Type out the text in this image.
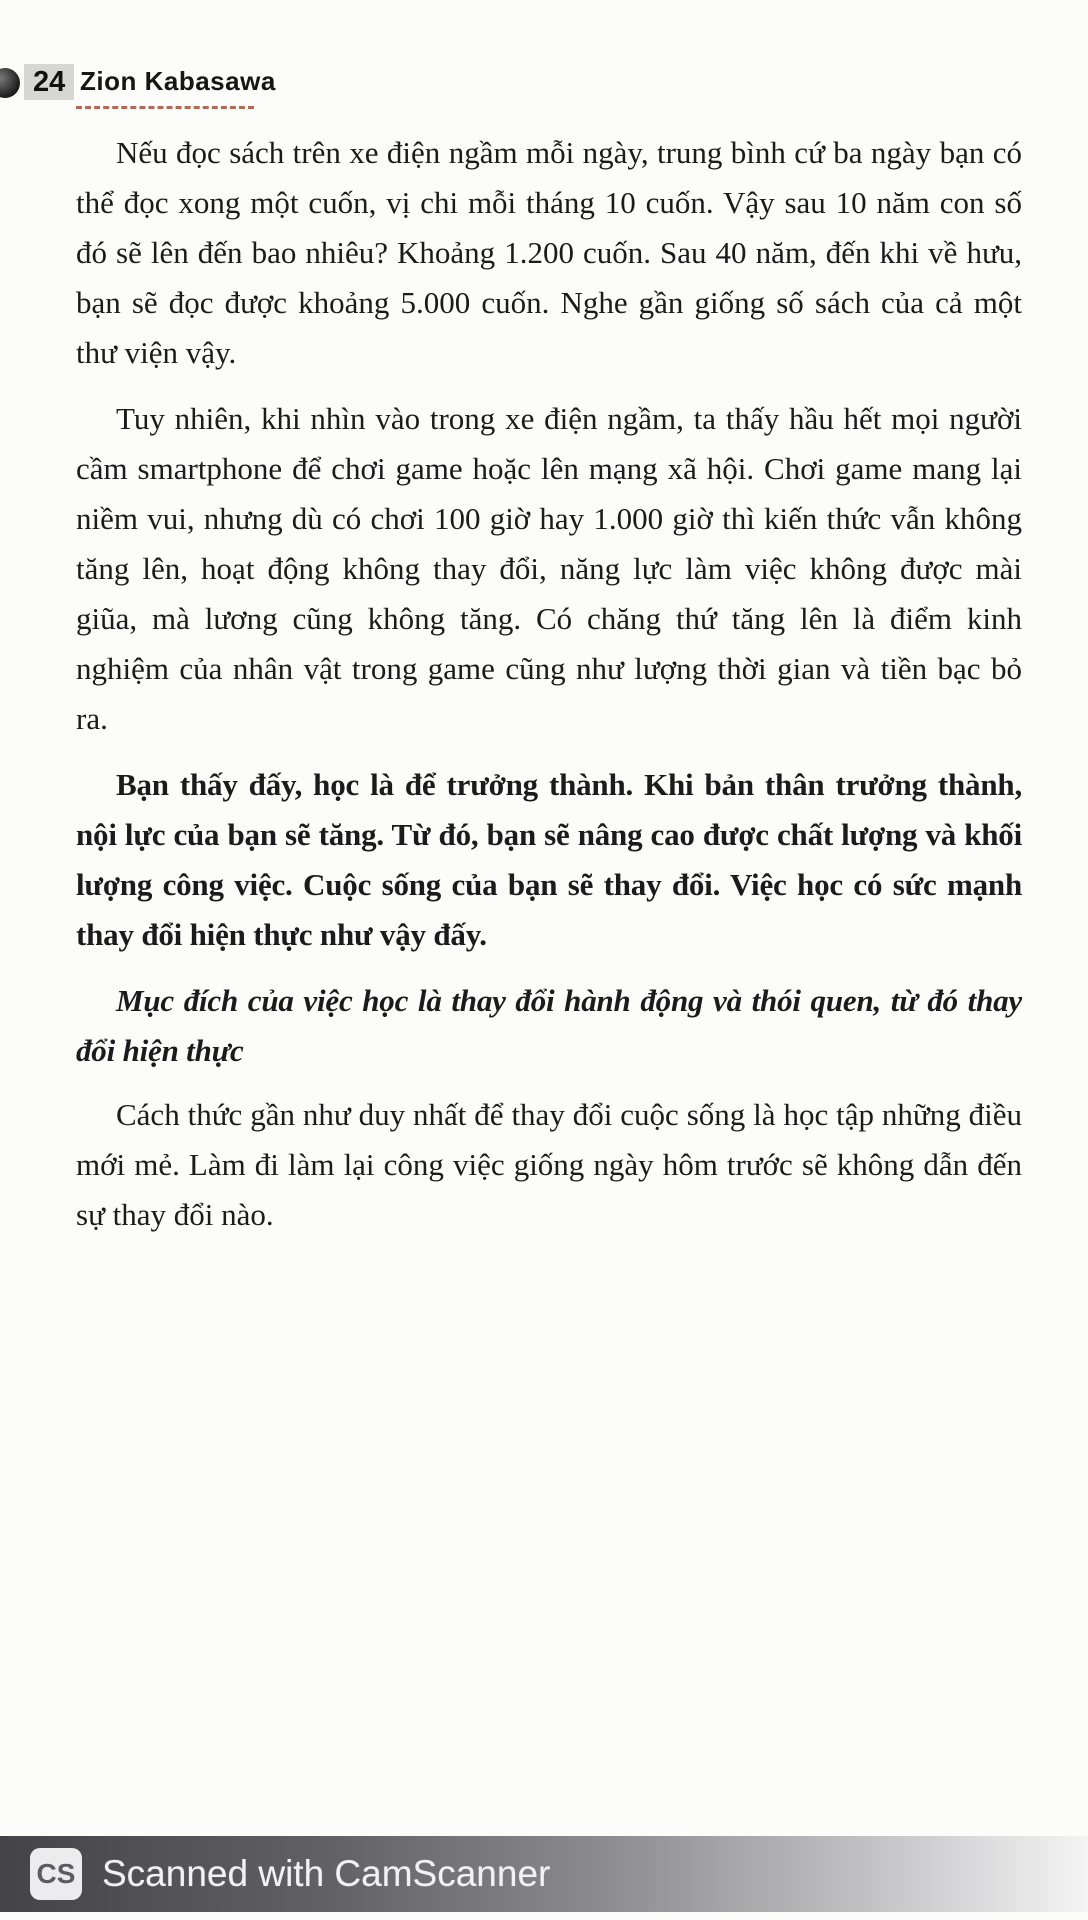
24 Zion Kabasawa

Nếu đọc sách trên xe điện ngầm mỗi ngày, trung bình cứ ba ngày bạn có thể đọc xong một cuốn, vị chi mỗi tháng 10 cuốn. Vậy sau 10 năm con số đó sẽ lên đến bao nhiêu? Khoảng 1.200 cuốn. Sau 40 năm, đến khi về hưu, bạn sẽ đọc được khoảng 5.000 cuốn. Nghe gần giống số sách của cả một thư viện vậy.

Tuy nhiên, khi nhìn vào trong xe điện ngầm, ta thấy hầu hết mọi người cầm smartphone để chơi game hoặc lên mạng xã hội. Chơi game mang lại niềm vui, nhưng dù có chơi 100 giờ hay 1.000 giờ thì kiến thức vẫn không tăng lên, hoạt động không thay đổi, năng lực làm việc không được mài giũa, mà lương cũng không tăng. Có chăng thứ tăng lên là điểm kinh nghiệm của nhân vật trong game cũng như lượng thời gian và tiền bạc bỏ ra.

Bạn thấy đấy, học là để trưởng thành. Khi bản thân trưởng thành, nội lực của bạn sẽ tăng. Từ đó, bạn sẽ nâng cao được chất lượng và khối lượng công việc. Cuộc sống của bạn sẽ thay đổi. Việc học có sức mạnh thay đổi hiện thực như vậy đấy.

Mục đích của việc học là thay đổi hành động và thói quen, từ đó thay đổi hiện thực

Cách thức gần như duy nhất để thay đổi cuộc sống là học tập những điều mới mẻ. Làm đi làm lại công việc giống ngày hôm trước sẽ không dẫn đến sự thay đổi nào.

CS Scanned with CamScanner
